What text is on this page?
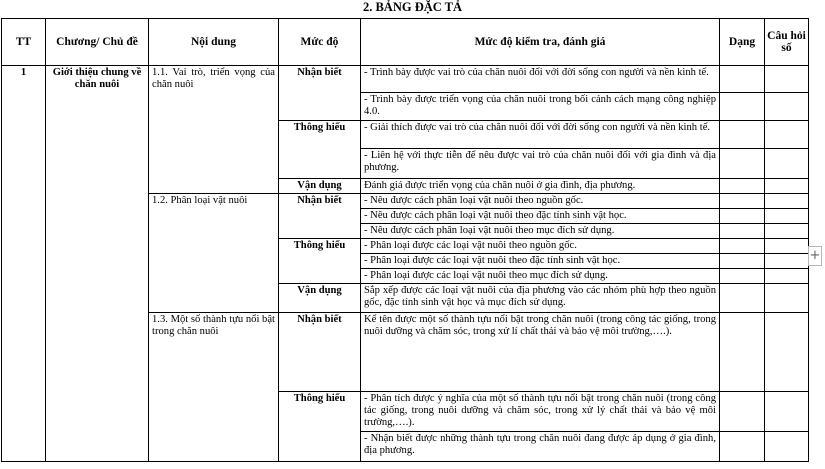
2. BẢNG ĐẶC TẢ
TT	Chương/ Chủ đề	Nội dung	Mức độ	Mức độ kiểm tra, đánh giá	Dạng	Câu hỏi số
1	Giới thiệu chung về chăn nuôi	1.1. Vai trò, triển vọng của chăn nuôi	Nhận biết	- Trình bày được vai trò của chăn nuôi đối với đời sống con người và nền kinh tế.		
				- Trình bày được triển vọng của chăn nuôi trong bối cảnh cách mạng công nghiệp 4.0.		
			Thông hiểu	- Giải thích được vai trò của chăn nuôi đối với đời sống con người và nền kinh tế.		
				- Liên hệ với thực tiễn để nêu được vai trò của chăn nuôi đối với gia đình và địa phương.		
			Vận dụng	Đánh giá được triển vọng của chăn nuôi ở gia đình, địa phương.		
		1.2. Phân loại vật nuôi	Nhận biết	- Nêu được cách phân loại vật nuôi theo nguồn gốc.		
				- Nêu được cách phân loại vật nuôi theo đặc tính sinh vật học.		
				- Nêu được cách phân loại vật nuôi theo mục đích sử dụng.		
			Thông hiểu	- Phân loại được các loại vật nuôi theo nguồn gốc.		
				- Phân loại được các loại vật nuôi theo đặc tính sinh vật học.		
				- Phân loại được các loại vật nuôi theo mục đích sử dụng.		
			Vận dụng	Sắp xếp được các loại vật nuôi của địa phương vào các nhóm phù hợp theo nguồn gốc, đặc tính sinh vật học và mục đích sử dụng.		
		1.3. Một số thành tựu nổi bật trong chăn nuôi	Nhận biết	Kể tên được một số thành tựu nổi bật trong chăn nuôi (trong công tác giống, trong nuôi dưỡng và chăm sóc, trong xử lí chất thải và bảo vệ môi trường,….).		
			Thông hiểu	- Phân tích được ý nghĩa của một số thành tựu nổi bật trong chăn nuôi (trong công tác giống, trong nuôi dưỡng và chăm sóc, trong xử lý chất thải và bảo vệ môi trường,….).		
				- Nhận biết được những thành tựu trong chăn nuôi đang được áp dụng ở gia đình, địa phương.		
+
